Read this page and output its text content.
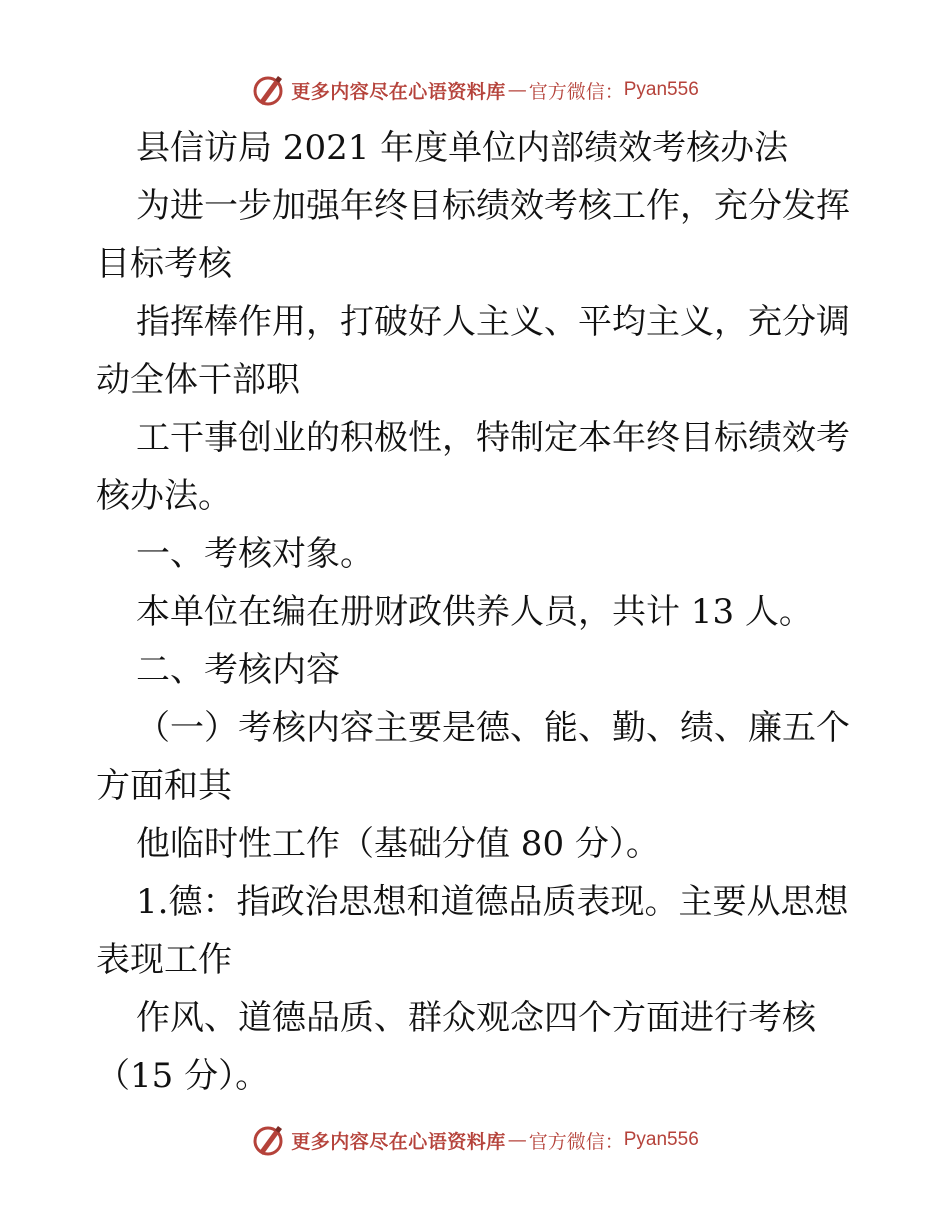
更多内容尽在心语资料库 — 官方微信： Pyan556
县信访局 2021 年度单位内部绩效考核办法
为进一步加强年终目标绩效考核工作，充分发挥
目标考核
指挥棒作用，打破好人主义、平均主义，充分调
动全体干部职
工干事创业的积极性，特制定本年终目标绩效考
核办法。
一、考核对象。
本单位在编在册财政供养人员，共计 13 人。
二、考核内容
（一）考核内容主要是德、能、勤、绩、廉五个
方面和其
他临时性工作（基础分值 80 分）。
1.德：指政治思想和道德品质表现。主要从思想
表现工作
作风、道德品质、群众观念四个方面进行考核
（15 分）。
更多内容尽在心语资料库 — 官方微信： Pyan556
